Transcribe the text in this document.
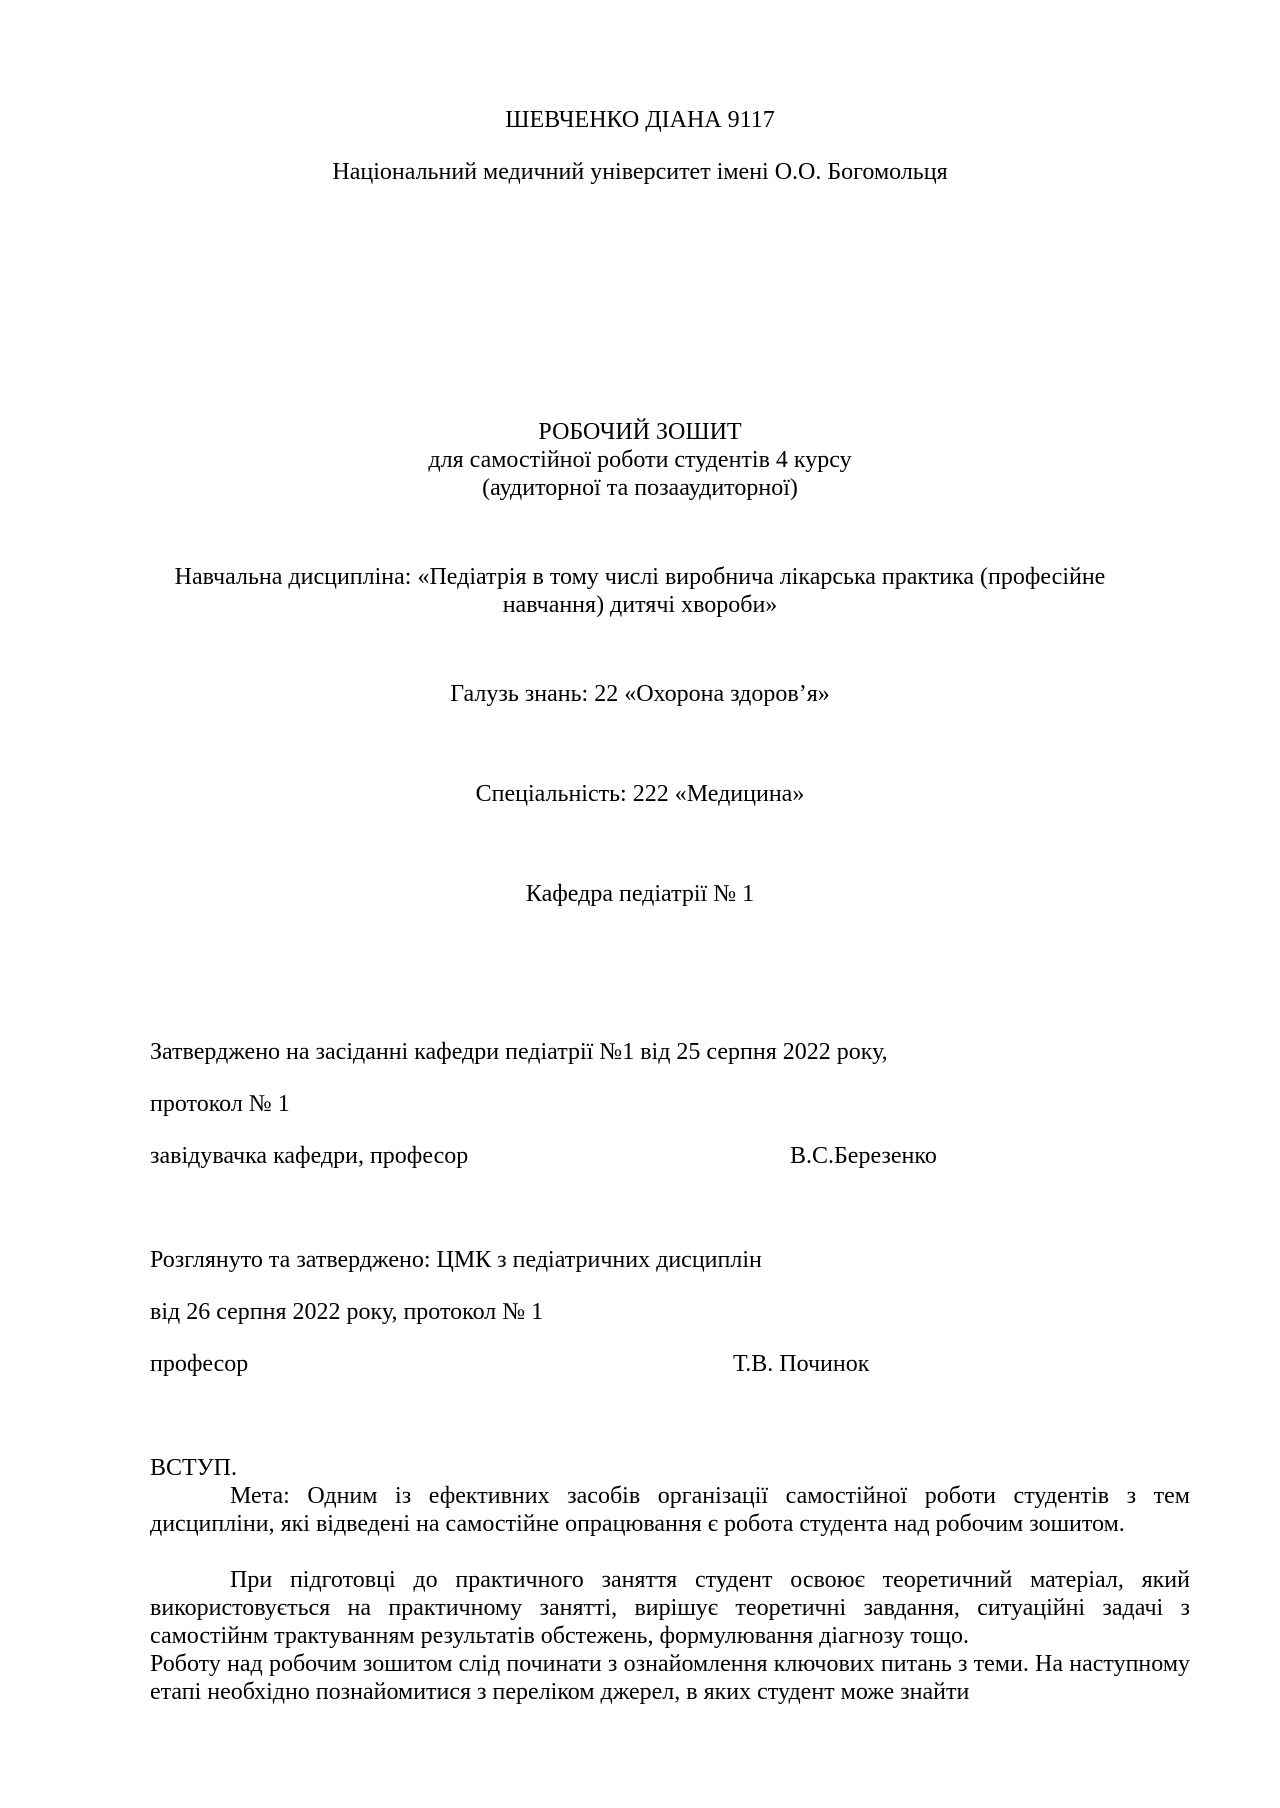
ШЕВЧЕНКО ДІАНА 9117
Національний медичний університет імені О.О. Богомольця
РОБОЧИЙ ЗОШИТ
для самостійної роботи студентів 4 курсу
(аудиторної та позааудиторної)
Навчальна дисципліна: «Педіатрія в тому числі виробнича лікарська практика (професійне
навчання) дитячі хвороби»
Галузь знань: 22 «Охорона здоров’я»
Спеціальність: 222 «Медицина»
Кафедра педіатрії № 1
Затверджено на засіданні кафедри педіатрії №1 від 25 серпня 2022 року,
протокол № 1
завідувачка кафедри, професор	В.С.Березенко
Розглянуто та затверджено: ЦМК з педіатричних дисциплін
від 26 серпня 2022 року, протокол № 1
професор	Т.В. Починок
ВСТУП.
Мета: Одним із ефективних засобів організації самостійної роботи студентів з тем дисципліни, які відведені на самостійне опрацювання є робота студента над робочим зошитом.
При підготовці до практичного заняття студент освоює теоретичний матеріал, який використовується на практичному занятті, вирішує теоретичні завдання, ситуаційні задачі з самостійнм трактуванням результатів обстежень, формулювання діагнозу тощо.
Роботу над робочим зошитом слід починати з ознайомлення ключових питань з теми. На наступному етапі необхідно познайомитися з переліком джерел, в яких студент може знайти
